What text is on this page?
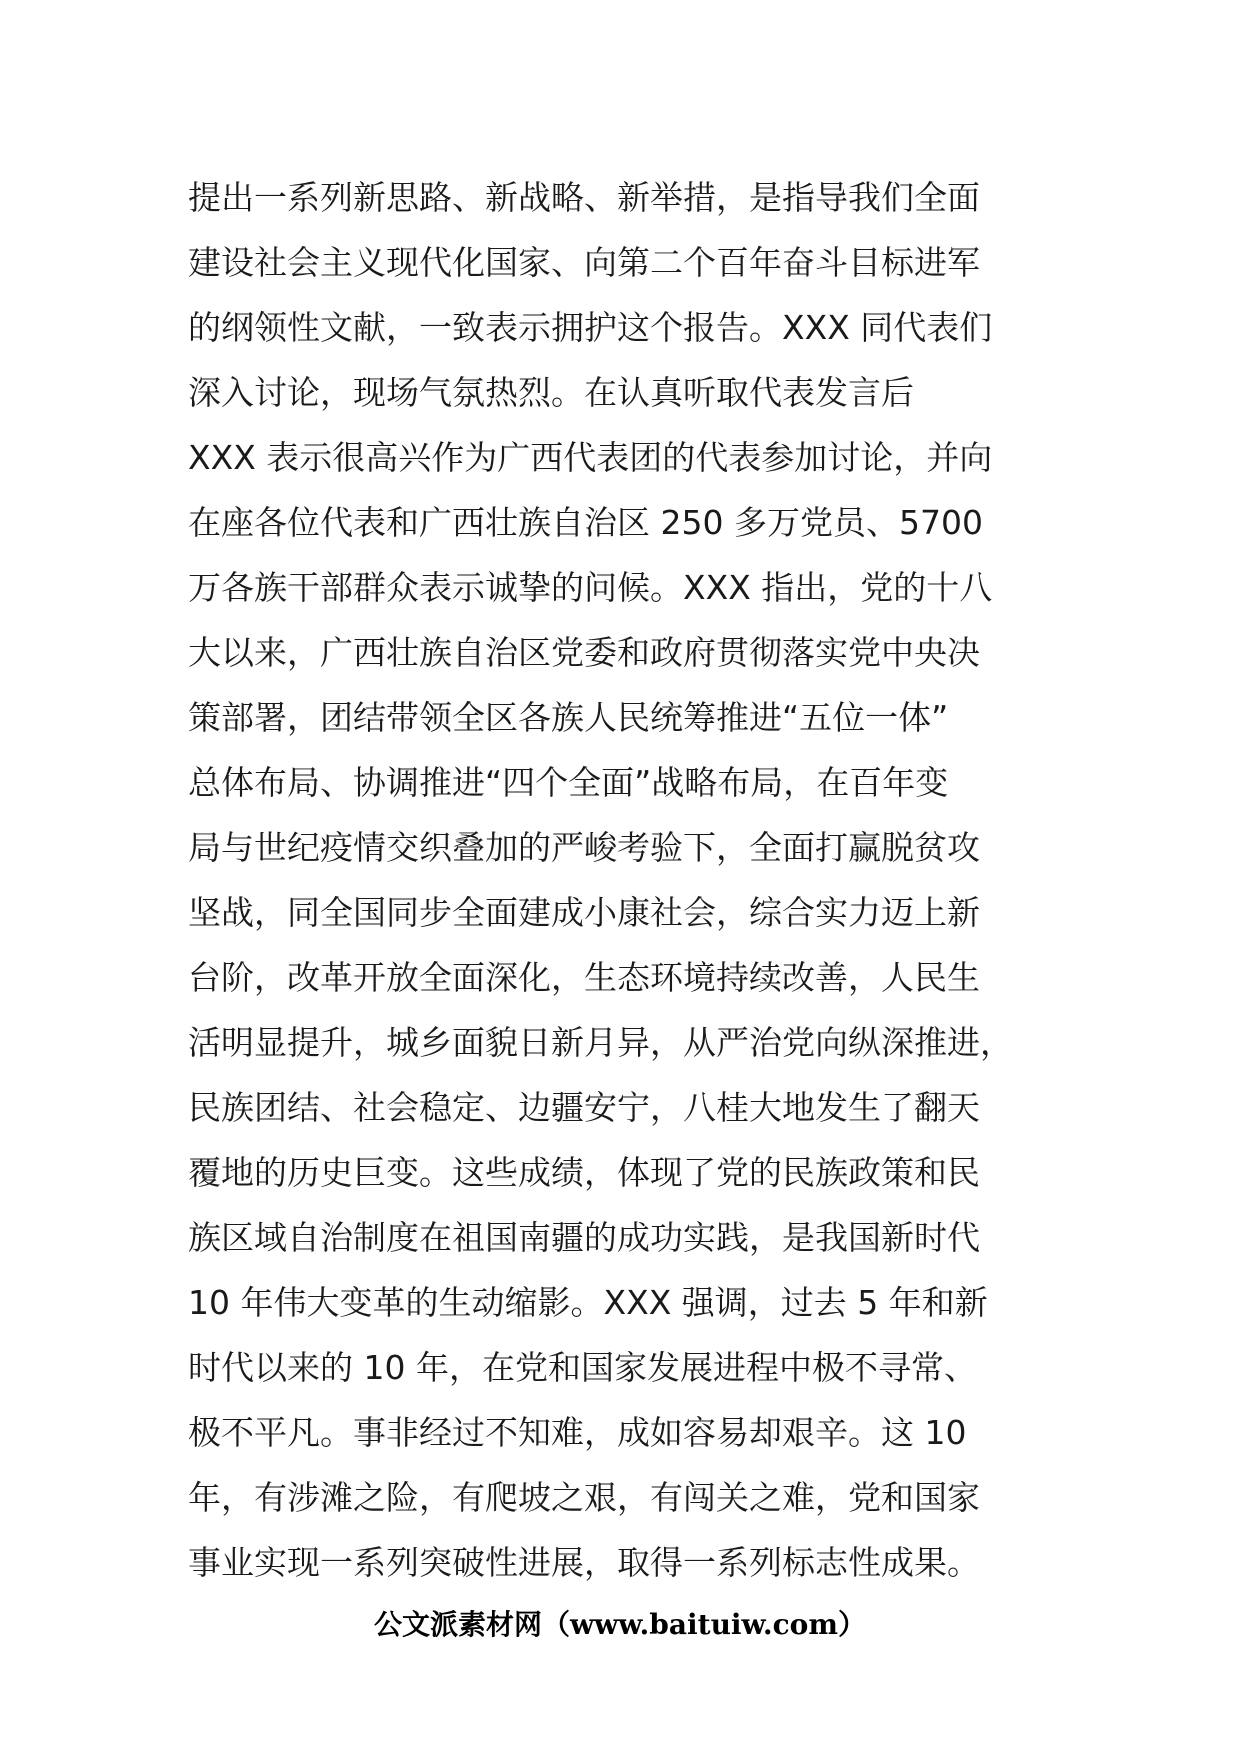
提出一系列新思路、新战略、新举措，是指导我们全面
建设社会主义现代化国家、向第二个百年奋斗目标进军
的纲领性文献，一致表示拥护这个报告。XXX 同代表们
深入讨论，现场气氛热烈。在认真听取代表发言后
XXX 表示很高兴作为广西代表团的代表参加讨论，并向
在座各位代表和广西壮族自治区 250 多万党员、5700
万各族干部群众表示诚挚的问候。XXX 指出，党的十八
大以来，广西壮族自治区党委和政府贯彻落实党中央决
策部署，团结带领全区各族人民统筹推进“五位一体”
总体布局、协调推进“四个全面”战略布局，在百年变
局与世纪疫情交织叠加的严峻考验下，全面打赢脱贫攻
坚战，同全国同步全面建成小康社会，综合实力迈上新
台阶，改革开放全面深化，生态环境持续改善，人民生
活明显提升，城乡面貌日新月异，从严治党向纵深推进，
民族团结、社会稳定、边疆安宁，八桂大地发生了翻天
覆地的历史巨变。这些成绩，体现了党的民族政策和民
族区域自治制度在祖国南疆的成功实践，是我国新时代
10 年伟大变革的生动缩影。XXX 强调，过去 5 年和新
时代以来的 10 年，在党和国家发展进程中极不寻常、
极不平凡。事非经过不知难，成如容易却艰辛。这 10
年，有涉滩之险，有爬坡之艰，有闯关之难，党和国家
事业实现一系列突破性进展，取得一系列标志性成果。
公文派素材网（www.baituiw.com）
